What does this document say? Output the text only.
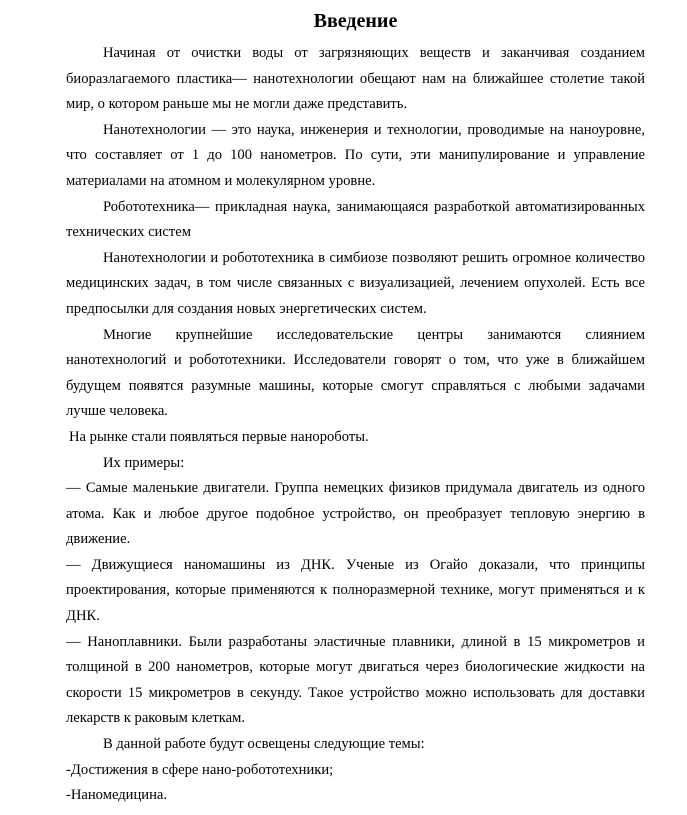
Введение

Начиная от очистки воды от загрязняющих веществ и заканчивая созданием биоразлагаемого пластика— нанотехнологии обещают нам на ближайшее столетие такой мир, о котором раньше мы не могли даже представить.

Нанотехнологии — это наука, инженерия и технологии, проводимые на наноуровне, что составляет от 1 до 100 нанометров. По сути, эти манипулирование и управление материалами на атомном и молекулярном уровне.

Робототехника— прикладная наука, занимающаяся разработкой автоматизированных технических систем

Нанотехнологии и робототехника в симбиозе позволяют решить огромное количество медицинских задач, в том числе связанных с визуализацией, лечением опухолей. Есть все предпосылки для создания новых энергетических систем.

Многие крупнейшие исследовательские центры занимаются слиянием нанотехнологий и робототехники. Исследователи говорят о том, что уже в ближайшем будущем появятся разумные машины, которые смогут справляться с любыми задачами лучше человека.

На рынке стали появляться первые нанороботы.

Их примеры:

— Самые маленькие двигатели. Группа немецких физиков придумала двигатель из одного атома. Как и любое другое подобное устройство, он преобразует тепловую энергию в движение.

— Движущиеся наномашины из ДНК. Ученые из Огайо доказали, что принципы проектирования, которые применяются к полноразмерной технике, могут применяться и к ДНК.

— Наноплавники. Были разработаны эластичные плавники, длиной в 15 микрометров и толщиной в 200 нанометров, которые могут двигаться через биологические жидкости на скорости 15 микрометров в секунду. Такое устройство можно использовать для доставки лекарств к раковым клеткам.

В данной работе будут освещены следующие темы:

-Достижения в сфере нано-робототехники;

-Наномедицина.
